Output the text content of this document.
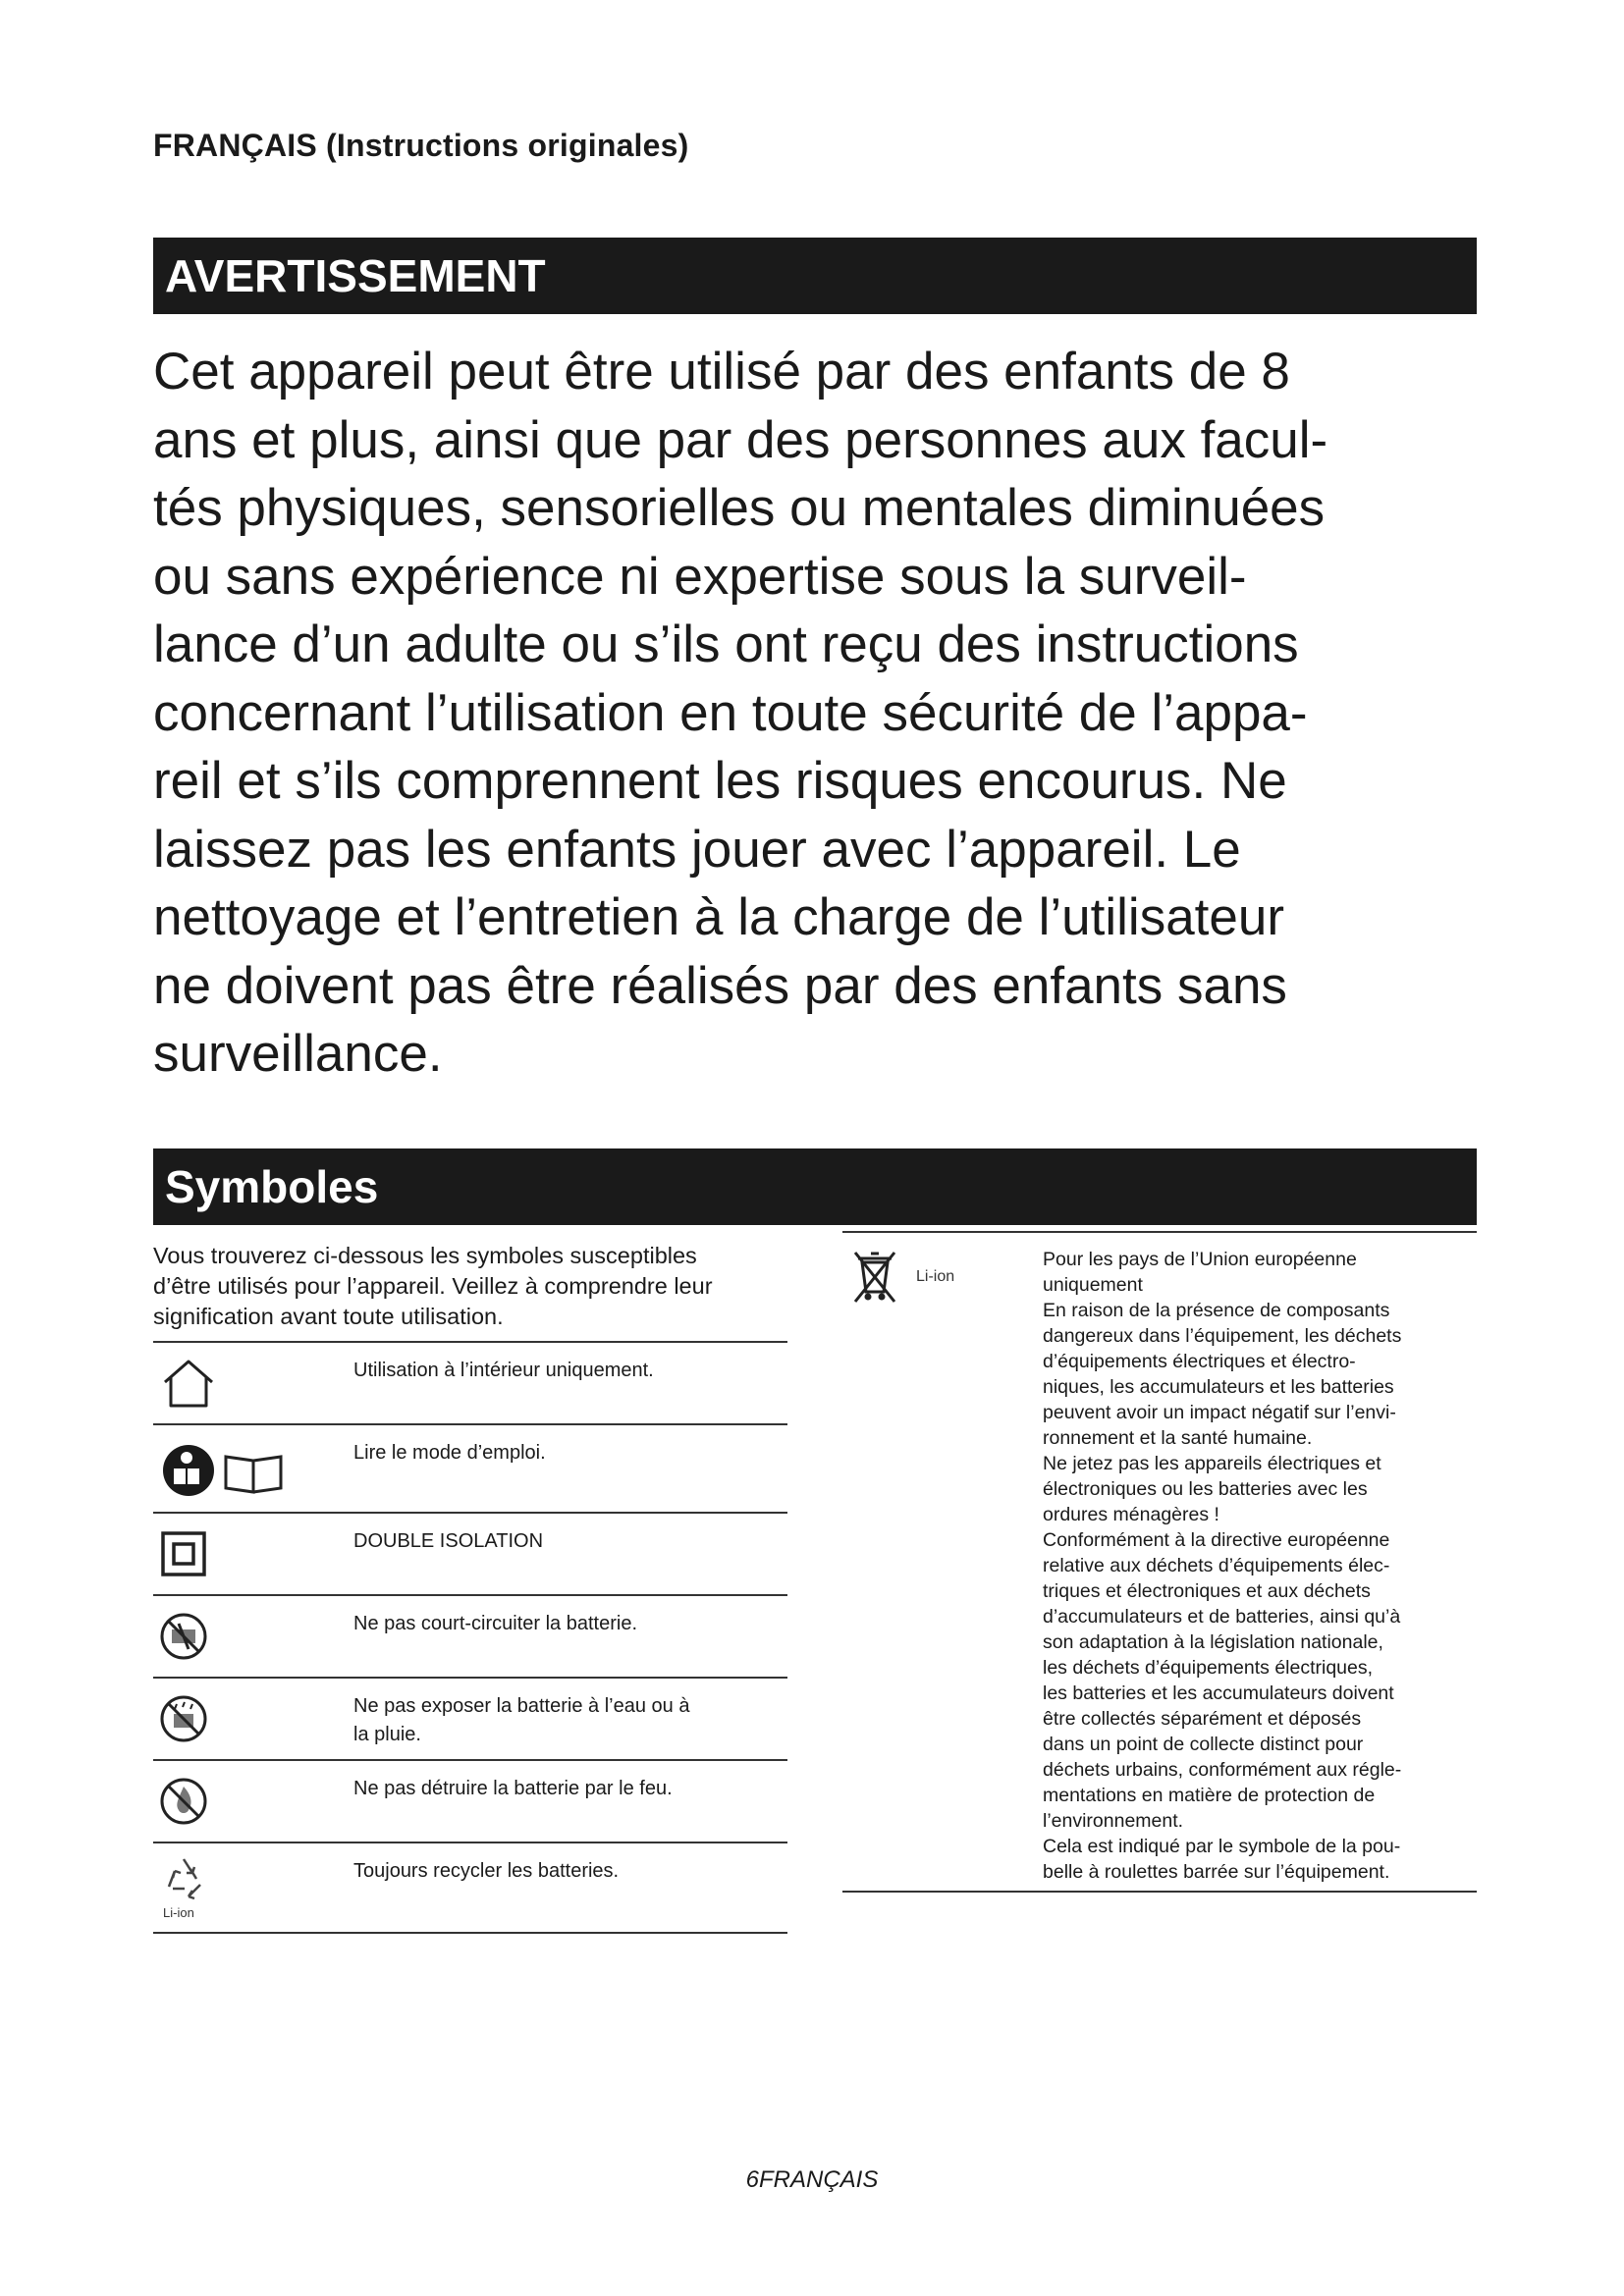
FRANÇAIS (Instructions originales)
AVERTISSEMENT
Cet appareil peut être utilisé par des enfants de 8
ans et plus, ainsi que par des personnes aux facul-
tés physiques, sensorielles ou mentales diminuées
ou sans expérience ni expertise sous la surveil-
lance d’un adulte ou s’ils ont reçu des instructions
concernant l’utilisation en toute sécurité de l’appa-
reil et s’ils comprennent les risques encourus. Ne
laissez pas les enfants jouer avec l’appareil. Le
nettoyage et l’entretien à la charge de l’utilisateur
ne doivent pas être réalisés par des enfants sans
surveillance.
Symboles
Vous trouverez ci-dessous les symboles susceptibles
d’être utilisés pour l’appareil. Veillez à comprendre leur
signification avant toute utilisation.
Utilisation à l’intérieur uniquement.
Lire le mode d’emploi.
DOUBLE ISOLATION
Ne pas court-circuiter la batterie.
Ne pas exposer la batterie à l’eau ou à
la pluie.
Ne pas détruire la batterie par le feu.
Li-ion
Toujours recycler les batteries.
Li-ion
Pour les pays de l’Union européenne
uniquement
En raison de la présence de composants
dangereux dans l’équipement, les déchets
d’équipements électriques et électro-
niques, les accumulateurs et les batteries
peuvent avoir un impact négatif sur l’envi-
ronnement et la santé humaine.
Ne jetez pas les appareils électriques et
électroniques ou les batteries avec les
ordures ménagères !
Conformément à la directive européenne
relative aux déchets d’équipements élec-
triques et électroniques et aux déchets
d’accumulateurs et de batteries, ainsi qu’à
son adaptation à la législation nationale,
les déchets d’équipements électriques,
les batteries et les accumulateurs doivent
être collectés séparément et déposés
dans un point de collecte distinct pour
déchets urbains, conformément aux régle-
mentations en matière de protection de
l’environnement.
Cela est indiqué par le symbole de la pou-
belle à roulettes barrée sur l’équipement.
6FRANÇAIS
